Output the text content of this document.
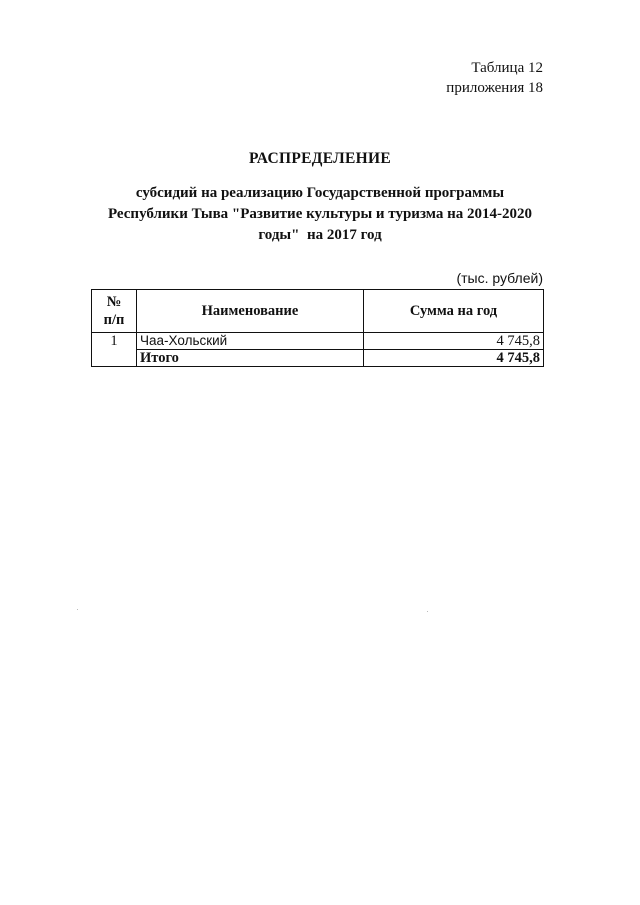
Таблица 12
приложения 18
РАСПРЕДЕЛЕНИЕ
субсидий на реализацию Государственной программы
Республики Тыва "Развитие культуры и туризма на 2014-2020
годы"  на 2017 год
(тыс. рублей)
№
п/п	Наименование	Сумма на год
1	Чаа-Хольский	4 745,8
	Итого	4 745,8
